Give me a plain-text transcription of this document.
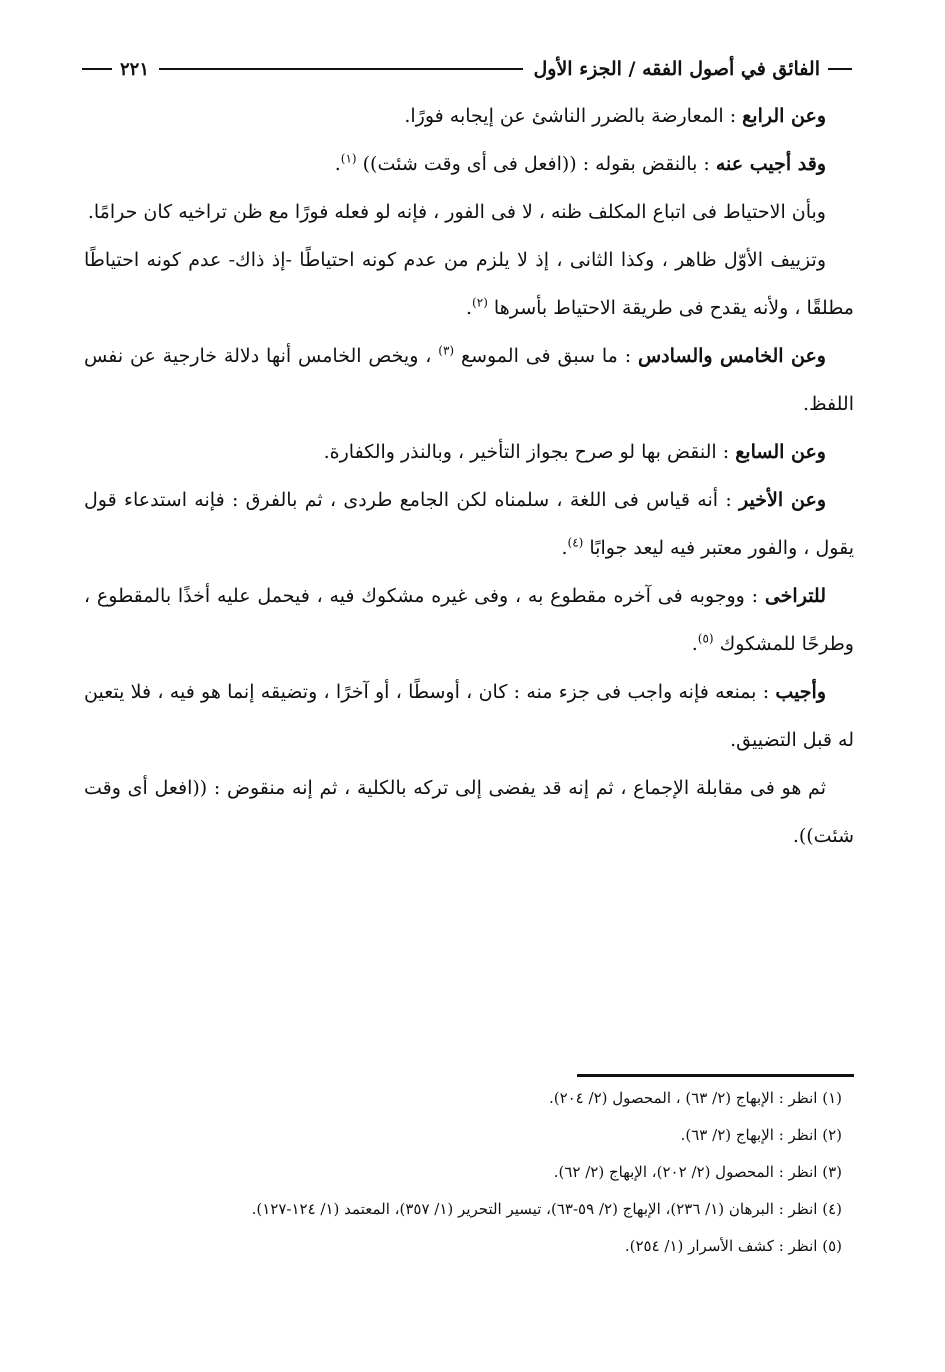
الفائق في أصول الفقه / الجزء الأول
٢٢١

وعن الرابع : المعارضة بالضرر الناشئ عن إيجابه فورًا.

وقد أجيب عنه : بالنقض بقوله : ((افعل فى أى وقت شئت)) $^{(١)}$.

وبأن الاحتياط فى اتباع المكلف ظنه ، لا فى الفور ، فإنه لو فعله فورًا مع ظن تراخيه كان حرامًا.

وتزييف الأوّل ظاهر ، وكذا الثانى ، إذ لا يلزم من عدم كونه احتياطًا -إذ ذاك- عدم كونه احتياطًا مطلقًا ، ولأنه يقدح فى طريقة الاحتياط بأسرها $^{(٢)}$.

وعن الخامس والسادس : ما سبق فى الموسع $^{(٣)}$ ، ويخص الخامس أنها دلالة خارجية عن نفس اللفظ.

وعن السابع : النقض بها لو صرح بجواز التأخير ، وبالنذر والكفارة.

وعن الأخير : أنه قياس فى اللغة ، سلمناه لكن الجامع طردى ، ثم بالفرق : فإنه استدعاء قول يقول ، والفور معتبر فيه ليعد جوابًا $^{(٤)}$.

للتراخى : ووجوبه فى آخره مقطوع به ، وفى غيره مشكوك فيه ، فيحمل عليه أخذًا بالمقطوع ، وطرحًا للمشكوك $^{(٥)}$.

وأجيب : بمنعه فإنه واجب فى جزء منه : كان ، أوسطًا ، أو آخرًا ، وتضيقه إنما هو فيه ، فلا يتعين له قبل التضييق.

ثم هو فى مقابلة الإجماع ، ثم إنه قد يفضى إلى تركه بالكلية ، ثم إنه منقوض : ((افعل أى وقت شئت)).

(١) انظر : الإبهاج (٢/ ٦٣) ، المحصول (٢/ ٢٠٤).

(٢) انظر : الإبهاج (٢/ ٦٣).

(٣) انظر : المحصول (٢/ ٢٠٢)، الإبهاج (٢/ ٦٢).

(٤) انظر : البرهان (١/ ٢٣٦)، الإبهاج (٢/ ٥٩-٦٣)، تيسير التحرير (١/ ٣٥٧)، المعتمد (١/ ١٢٤-١٢٧).

(٥) انظر : كشف الأسرار (١/ ٢٥٤).
